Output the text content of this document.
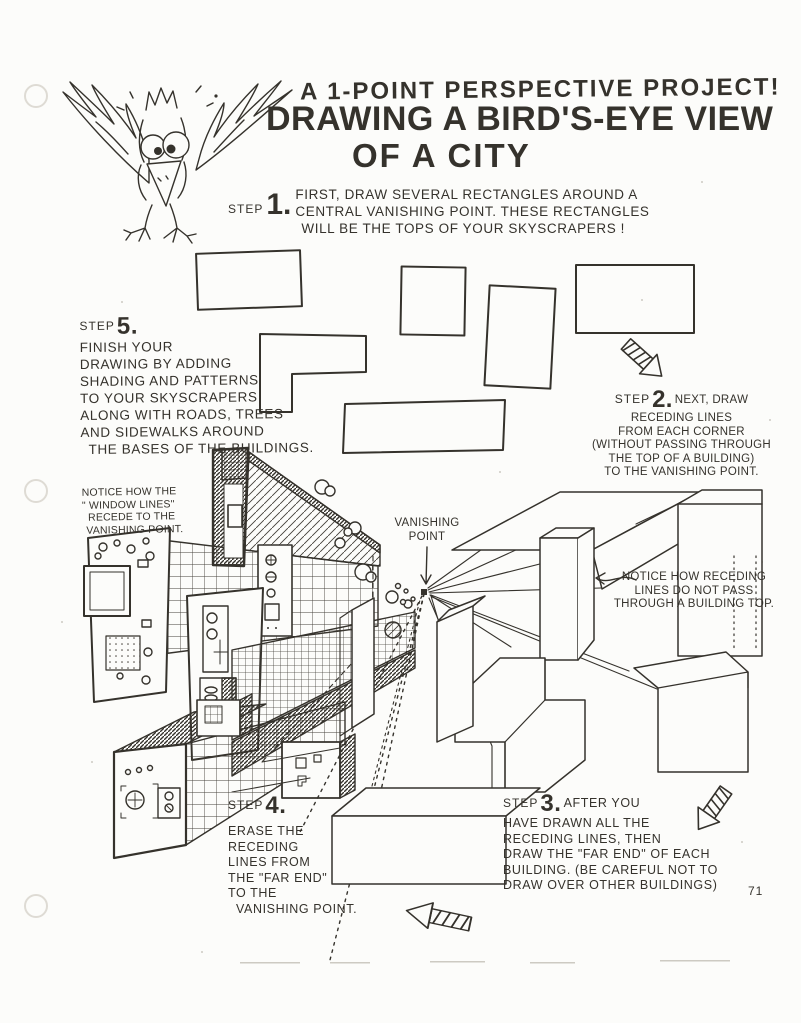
A 1-POINT PERSPECTIVE PROJECT!
DRAWING A BIRD'S-EYE VIEW
OF A CITY
STEP 1. FIRST, DRAW SEVERAL RECTANGLES AROUND A
CENTRAL VANISHING POINT. THESE RECTANGLES
WILL BE THE TOPS OF YOUR SKYSCRAPERS !
STEP5.
FINISH YOUR
DRAWING BY ADDING
SHADING AND PATTERNS
TO YOUR SKYSCRAPERS
ALONG WITH ROADS, TREES
AND SIDEWALKS AROUND
THE BASES OF THE BUILDINGS.
STEP2. NEXT, DRAW
RECEDING LINES
FROM EACH CORNER
(WITHOUT PASSING THROUGH
THE TOP OF A BUILDING)
TO THE VANISHING POINT.
NOTICE HOW THE
" WINDOW LINES"
RECEDE TO THE
VANISHING POINT.	VANISHING
POINT
NOTICE HOW RECEDING
LINES DO NOT PASS
THROUGH A BUILDING TOP.
STEP4.
ERASE THE
RECEDING
LINES FROM
THE "FAR END"
TO THE
VANISHING POINT.
STEP3. AFTER YOU
HAVE DRAWN ALL THE
RECEDING LINES, THEN
DRAW THE "FAR END" OF EACH
BUILDING. (BE CAREFUL NOT TO
DRAW OVER OTHER BUILDINGS)	71
